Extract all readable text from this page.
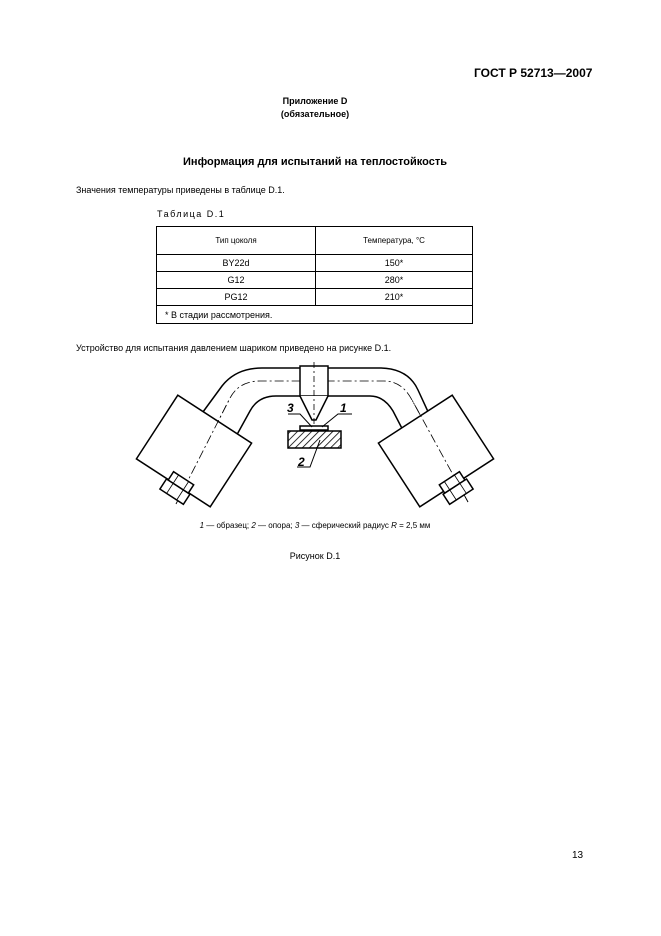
ГОСТ Р 52713—2007
Приложение D
(обязательное)
Информация для испытаний на теплостойкость
Значения температуры приведены в таблице D.1.
Таблица D.1
Тип цоколя	Температура, °С
BY22d	150*
G12	280*
PG12	210*
* В стадии рассмотрения.	
Устройство для испытания давлением шариком приведено на рисунке D.1.
3	1
2
1 — образец; 2 — опора; 3 — сферический радиус R = 2,5 мм
Рисунок D.1
13
